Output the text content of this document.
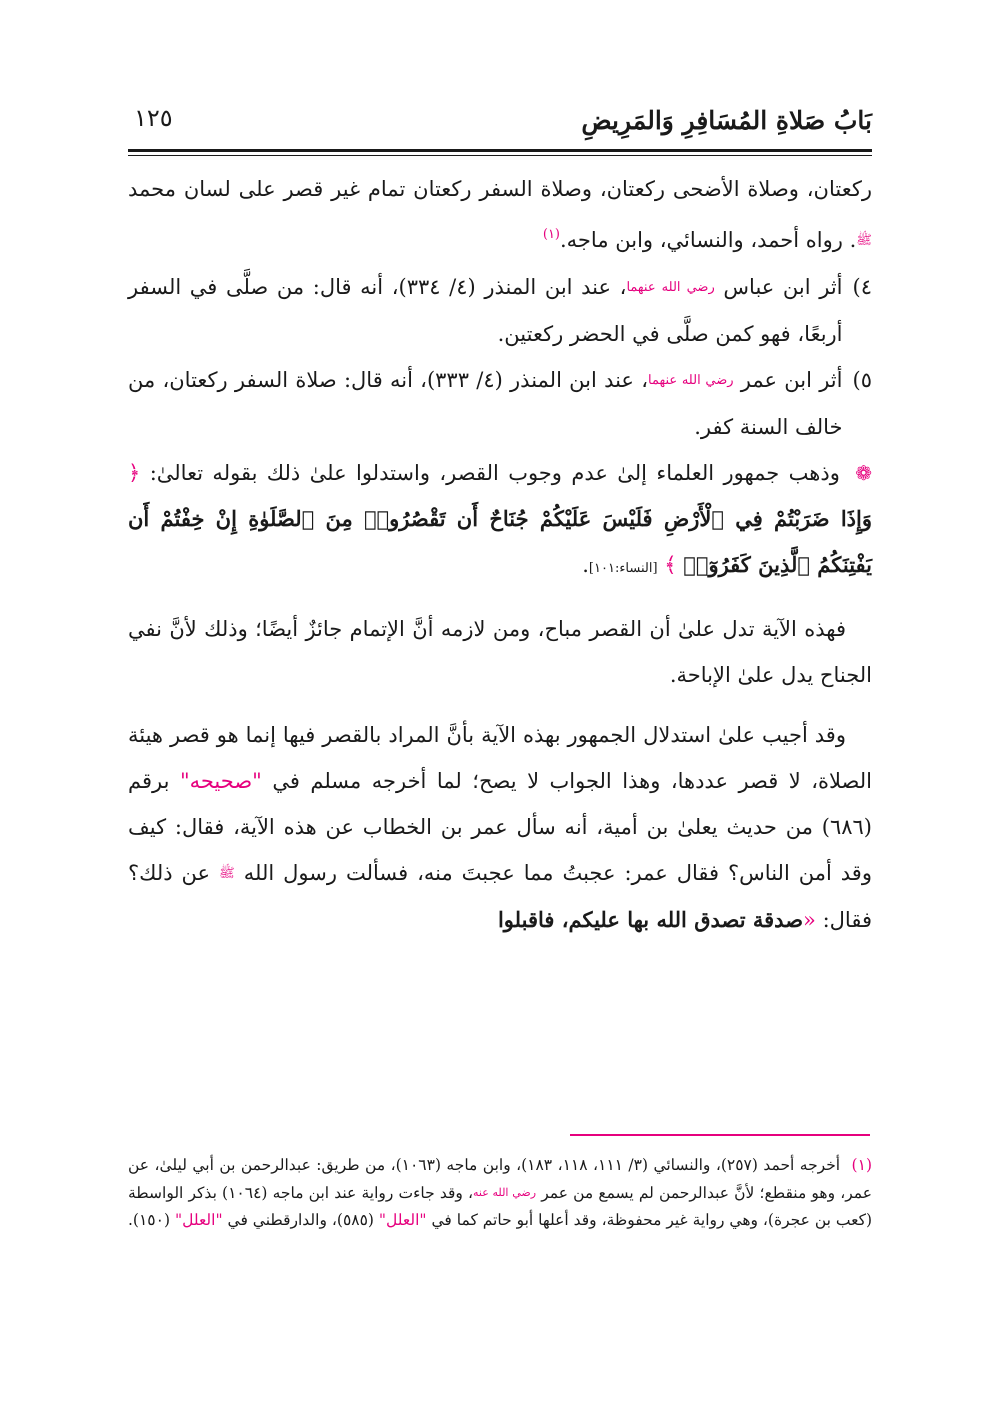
بَابُ صَلاةِ المُسَافِرِ وَالمَرِيضِ
١٢٥

ركعتان، وصلاة الأضحى ركعتان، وصلاة السفر ركعتان تمام غير قصر على لسان محمد ﷺ. رواه أحمد، والنسائي، وابن ماجه.$^{(١)}$

٤)
أثر ابن عباس رضي الله عنهما، عند ابن المنذر (٤/ ٣٣٤)، أنه قال: من صلَّى في السفر أربعًا، فهو كمن صلَّى في الحضر ركعتين.
٥)
أثر ابن عمر رضي الله عنهما، عند ابن المنذر (٤/ ٣٣٣)، أنه قال: صلاة السفر ركعتان، من خالف السنة كفر.

❁ وذهب جمهور العلماء إلىٰ عدم وجوب القصر، واستدلوا علىٰ ذلك بقوله تعالىٰ: ﴿ وَإِذَا ضَرَبْتُمْ فِي ٱلْأَرْضِ فَلَيْسَ عَلَيْكُمْ جُنَاحٌ أَن تَقْصُرُوا۟ مِنَ ٱلصَّلَوٰةِ إِنْ خِفْتُمْ أَن يَفْتِنَكُمُ ٱلَّذِينَ كَفَرُوٓا۟ ﴾ [النساء:١٠١].

فهذه الآية تدل علىٰ أن القصر مباح، ومن لازمه أنَّ الإتمام جائزٌ أيضًا؛ وذلك لأنَّ نفي الجناح يدل علىٰ الإباحة.

وقد أجيب علىٰ استدلال الجمهور بهذه الآية بأنَّ المراد بالقصر فيها إنما هو قصر هيئة الصلاة، لا قصر عددها، وهذا الجواب لا يصح؛ لما أخرجه مسلم في "صحيحه" برقم (٦٨٦) من حديث يعلىٰ بن أمية، أنه سأل عمر بن الخطاب عن هذه الآية، فقال: كيف وقد أمن الناس؟ فقال عمر: عجبتُ مما عجبتَ منه، فسألت رسول الله ﷺ عن ذلك؟ فقال: «صدقة تصدق الله بها عليكم، فاقبلوا

(١) أخرجه أحمد (٢٥٧)، والنسائي (٣/ ١١١، ١١٨، ١٨٣)، وابن ماجه (١٠٦٣)، من طريق: عبدالرحمن بن أبي ليلىٰ، عن عمر، وهو منقطع؛ لأنَّ عبدالرحمن لم يسمع من عمر رضي الله عنه، وقد جاءت رواية عند ابن ماجه (١٠٦٤) بذكر الواسطة (كعب بن عجرة)، وهي رواية غير محفوظة، وقد أعلها أبو حاتم كما في "العلل" (٥٨٥)، والدارقطني في "العلل" (١٥٠).
